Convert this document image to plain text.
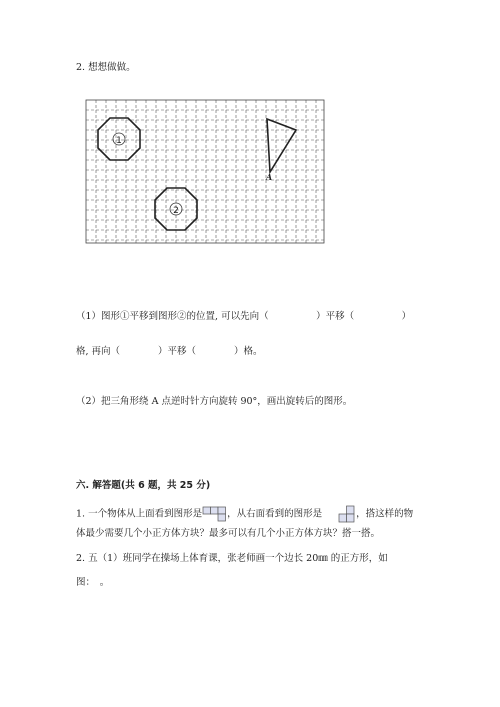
2. 想想做做。
1
2
A
（1）图形①平移到图形②的位置, 可以先向（　　　　　）平移（　　　　　）
格, 再向（　　　　）平移（　　　　）格。
（2）把三角形绕 A 点逆时针方向旋转 90°，画出旋转后的图形。
六. 解答题(共 6 题，共 25 分)
1. 一个物体从上面看到图形是	，从右面看到的图形是	，搭这样的物
体最少需要几个小正方体方块？最多可以有几个小正方体方块？搭一搭。
2. 五（1）班同学在操场上体育课，张老师画一个边长 20㎜ 的正方形，如
图：　。
